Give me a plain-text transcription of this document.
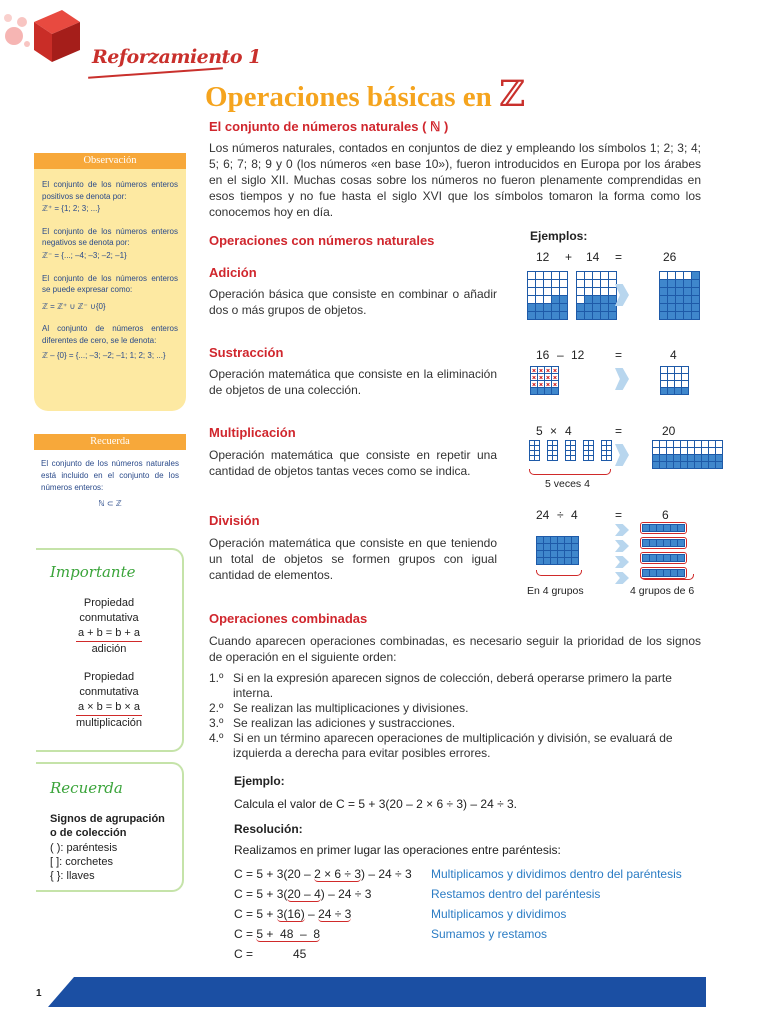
Reforzamiento 1
Operaciones básicas en ℤ
Observación

El conjunto de los números enteros positivos se denota por:
ℤ⁺ = {1; 2; 3; ...}

El conjunto de los números enteros negativos se denota por:
ℤ⁻ = {...; –4; –3; –2; –1}

El conjunto de los números enteros se puede expresar como:
ℤ = ℤ⁺ ∪ ℤ⁻ ∪{0}

Al conjunto de números enteros diferentes de cero, se le denota:
ℤ – {0} = {...; –3; –2; –1; 1; 2; 3; ...}

Recuerda
El conjunto de los números naturales está incluido en el conjunto de los números enteros:
ℕ ⊂ ℤ
Importante
Propiedad
conmutativa
a + b = b + a
adición
Propiedad
conmutativa
a × b = b × a
multiplicación
Recuerda
Signos de agrupación
o de colección
( ): paréntesis
[ ]: corchetes
{ }: llaves
El conjunto de números naturales ( ℕ )
Los números naturales, contados en conjuntos de diez y empleando los símbolos 1; 2; 3; 4; 5; 6; 7; 8; 9 y 0 (los números «en base 10»), fueron introducidos en Europa por los árabes en el siglo XII. Muchas cosas sobre los números no fueron plenamente comprendidas en esos tiempos y no fue hasta el siglo XVI que los símbolos tomaron la forma como los conocemos hoy en día.
Operaciones con números naturales	Ejemplos:
Adición
Operación básica que consiste en combinar o añadir dos o más grupos de objetos.
12 + 14 =	26
Sustracción
Operación matemática que consiste en la eliminación de objetos de una colección.
16 – 12	=	4
Multiplicación
Operación matemática que consiste en repetir una cantidad de objetos tantas veces como se indica.
5 × 4	=	20
5 veces 4
División
Operación matemática que consiste en que teniendo un total de objetos se formen grupos con igual cantidad de elementos.
24 ÷ 4	=	6
En 4 grupos	4 grupos de 6
Operaciones combinadas
Cuando aparecen operaciones combinadas, es necesario seguir la prioridad de los signos de operación en el siguiente orden:
1.º Si en la expresión aparecen signos de colección, deberá operarse primero la parte interna.
2.º Se realizan las multiplicaciones y divisiones.
3.º Se realizan las adiciones y sustracciones.
4.º Si en un término aparecen operaciones de multiplicación y división, se evaluará de izquierda a derecha para evitar posibles errores.
Ejemplo:
Calcula el valor de C = 5 + 3(20 – 2 × 6 ÷ 3) – 24 ÷ 3.
Resolución:
Realizamos en primer lugar las operaciones entre paréntesis:
C = 5 + 3(20 – 2 × 6 ÷ 3) – 24 ÷ 3 Multiplicamos y dividimos dentro del paréntesis
C = 5 + 3(20 – 4) – 24 ÷ 3	Restamos dentro del paréntesis
C = 5 + 3(16) – 24 ÷ 3	Multiplicamos y dividimos
C = 5 +  48  –  8	Sumamos y restamos
C =	45
1
